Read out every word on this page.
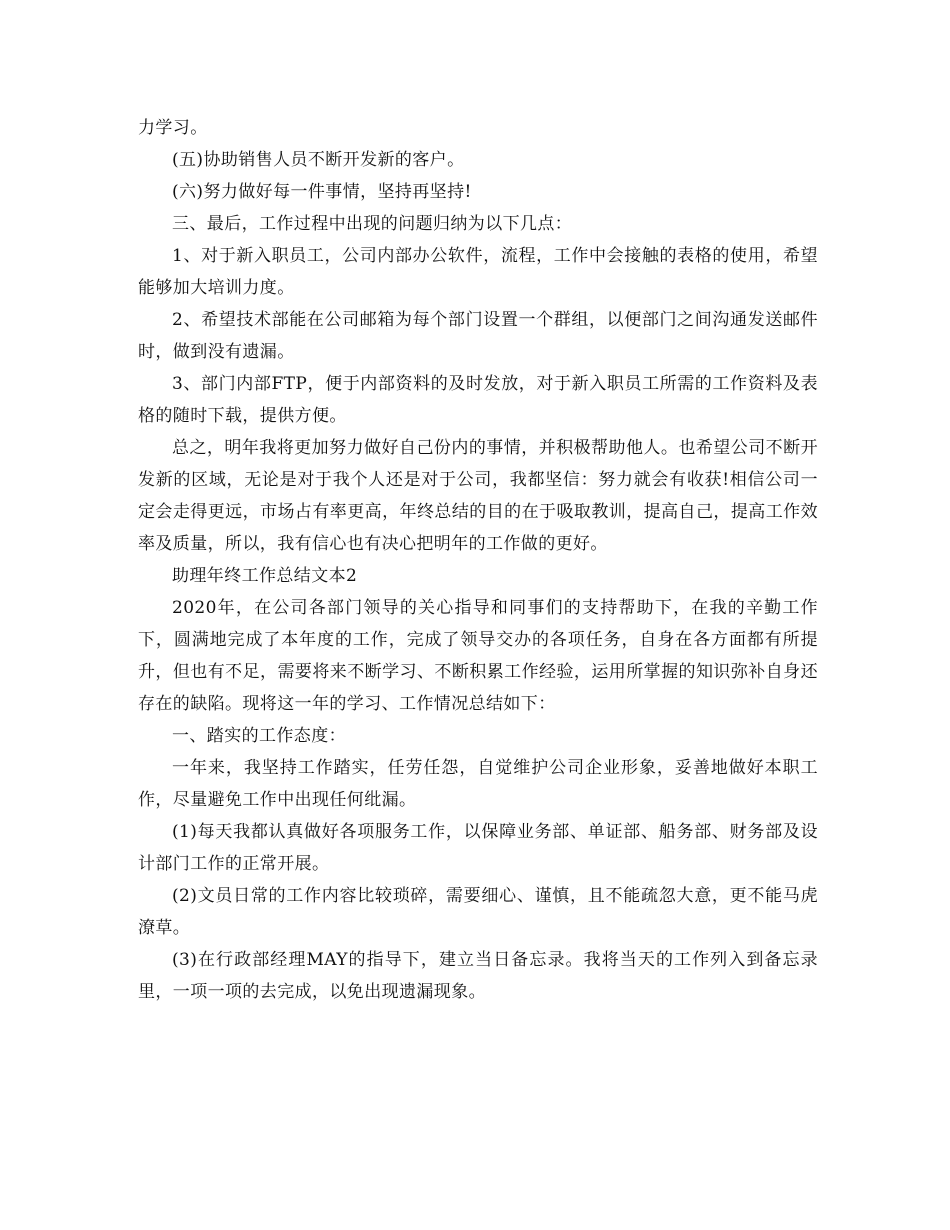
力学习。

(五)协助销售人员不断开发新的客户。

(六)努力做好每一件事情，坚持再坚持!

三、最后，工作过程中出现的问题归纳为以下几点：

1、对于新入职员工，公司内部办公软件，流程，工作中会接触的表格的使用，希望能够加大培训力度。

2、希望技术部能在公司邮箱为每个部门设置一个群组，以便部门之间沟通发送邮件时，做到没有遗漏。

3、部门内部FTP，便于内部资料的及时发放，对于新入职员工所需的工作资料及表格的随时下载，提供方便。

总之，明年我将更加努力做好自己份内的事情，并积极帮助他人。也希望公司不断开发新的区域，无论是对于我个人还是对于公司，我都坚信：努力就会有收获!相信公司一定会走得更远，市场占有率更高，年终总结的目的在于吸取教训，提高自己，提高工作效率及质量，所以，我有信心也有决心把明年的工作做的更好。

助理年终工作总结文本2

2020年，在公司各部门领导的关心指导和同事们的支持帮助下，在我的辛勤工作下，圆满地完成了本年度的工作，完成了领导交办的各项任务，自身在各方面都有所提升，但也有不足，需要将来不断学习、不断积累工作经验，运用所掌握的知识弥补自身还存在的缺陷。现将这一年的学习、工作情况总结如下：

一、踏实的工作态度：

一年来，我坚持工作踏实，任劳任怨，自觉维护公司企业形象，妥善地做好本职工作，尽量避免工作中出现任何纰漏。

(1)每天我都认真做好各项服务工作，以保障业务部、单证部、船务部、财务部及设计部门工作的正常开展。

(2)文员日常的工作内容比较琐碎，需要细心、谨慎，且不能疏忽大意，更不能马虎潦草。

(3)在行政部经理MAY的指导下，建立当日备忘录。我将当天的工作列入到备忘录里，一项一项的去完成，以免出现遗漏现象。
